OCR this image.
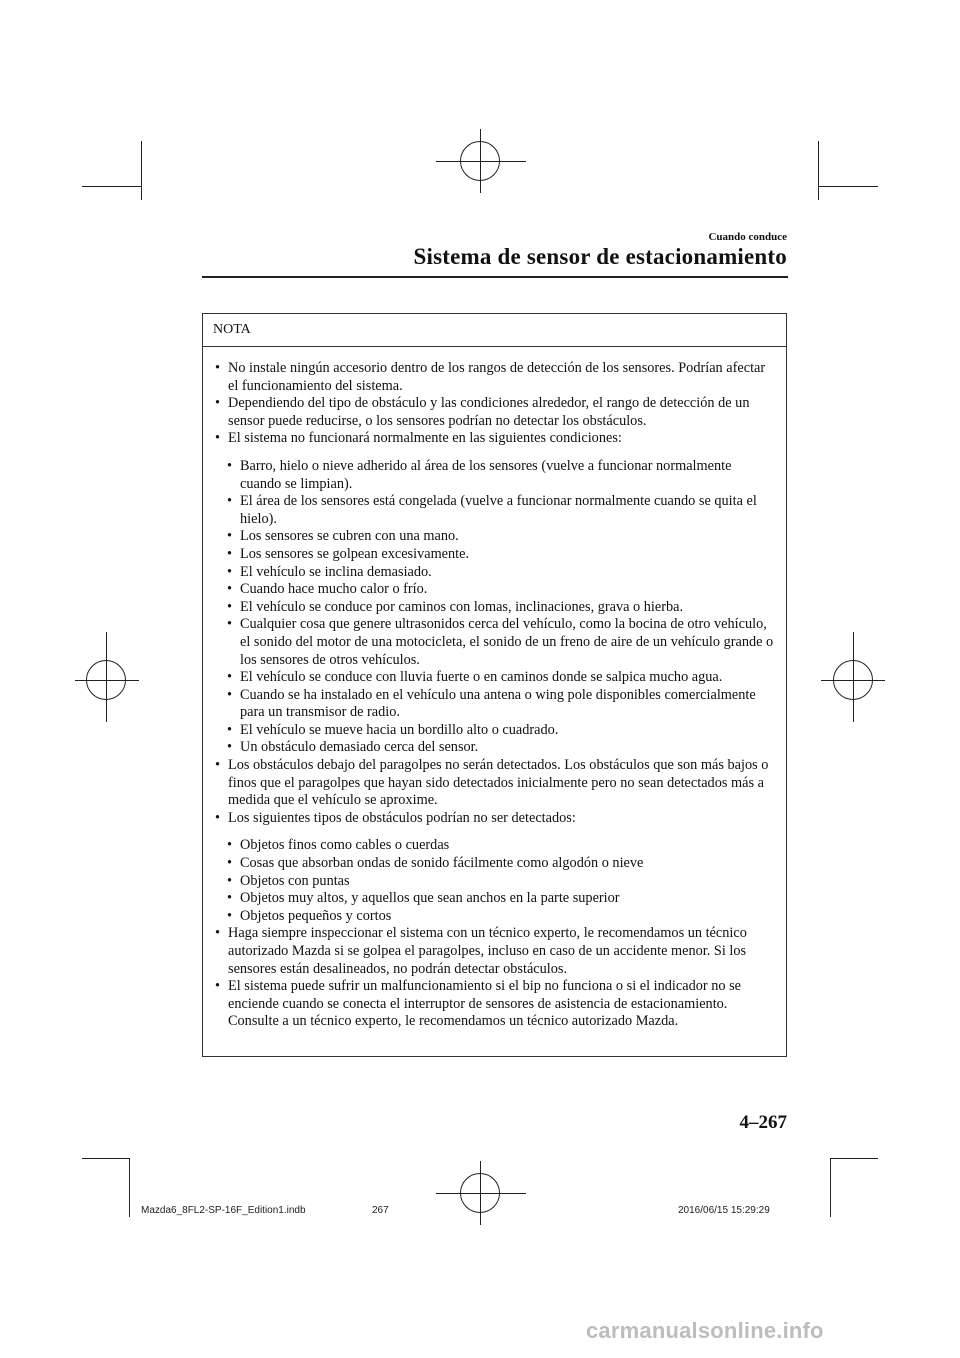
Cuando conduce
Sistema de sensor de estacionamiento
NOTA
• No instale ningún accesorio dentro de los rangos de detección de los sensores. Podrían afectar el funcionamiento del sistema.
• Dependiendo del tipo de obstáculo y las condiciones alrededor, el rango de detección de un sensor puede reducirse, o los sensores podrían no detectar los obstáculos.
• El sistema no funcionará normalmente en las siguientes condiciones:
• Barro, hielo o nieve adherido al área de los sensores (vuelve a funcionar normalmente cuando se limpian).
• El área de los sensores está congelada (vuelve a funcionar normalmente cuando se quita el hielo).
• Los sensores se cubren con una mano.
• Los sensores se golpean excesivamente.
• El vehículo se inclina demasiado.
• Cuando hace mucho calor o frío.
• El vehículo se conduce por caminos con lomas, inclinaciones, grava o hierba.
• Cualquier cosa que genere ultrasonidos cerca del vehículo, como la bocina de otro vehículo, el sonido del motor de una motocicleta, el sonido de un freno de aire de un vehículo grande o los sensores de otros vehículos.
• El vehículo se conduce con lluvia fuerte o en caminos donde se salpica mucho agua.
• Cuando se ha instalado en el vehículo una antena o wing pole disponibles comercialmente para un transmisor de radio.
• El vehículo se mueve hacia un bordillo alto o cuadrado.
• Un obstáculo demasiado cerca del sensor.
• Los obstáculos debajo del paragolpes no serán detectados. Los obstáculos que son más bajos o finos que el paragolpes que hayan sido detectados inicialmente pero no sean detectados más a medida que el vehículo se aproxime.
• Los siguientes tipos de obstáculos podrían no ser detectados:
• Objetos finos como cables o cuerdas
• Cosas que absorban ondas de sonido fácilmente como algodón o nieve
• Objetos con puntas
• Objetos muy altos, y aquellos que sean anchos en la parte superior
• Objetos pequeños y cortos
• Haga siempre inspeccionar el sistema con un técnico experto, le recomendamos un técnico autorizado Mazda si se golpea el paragolpes, incluso en caso de un accidente menor. Si los sensores están desalineados, no podrán detectar obstáculos.
• El sistema puede sufrir un malfuncionamiento si el bip no funciona o si el indicador no se enciende cuando se conecta el interruptor de sensores de asistencia de estacionamiento. Consulte a un técnico experto, le recomendamos un técnico autorizado Mazda.
4–267
Mazda6_8FL2-SP-16F_Edition1.indb	267	2016/06/15 15:29:29
carmanualsonline.info
